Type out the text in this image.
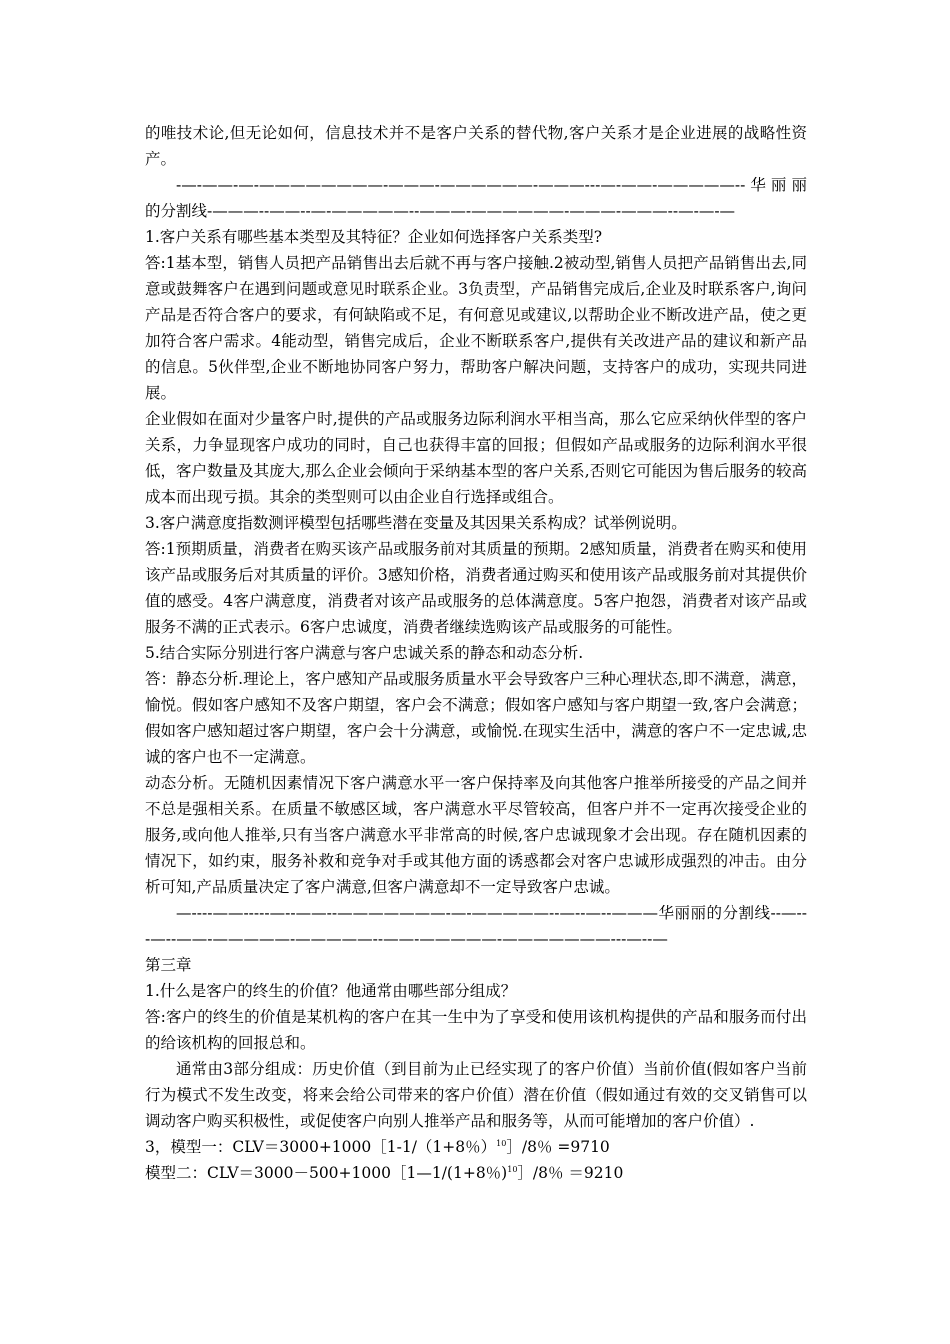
的唯技术论,但无论如何，信息技术并不是客户关系的替代物,客户关系才是企业进展的战略性资产。

-—-——-—-————————-———-——————-———---—-——-—————--华丽丽的分割线-———--——--—-—————--———-——————-———-———--—-—-—

1.客户关系有哪些基本类型及其特征？企业如何选择客户关系类型?

答:1基本型，销售人员把产品销售出去后就不再与客户接触.2被动型,销售人员把产品销售出去,同意或鼓舞客户在遇到问题或意见时联系企业。3负责型，产品销售完成后,企业及时联系客户,询问产品是否符合客户的要求，有何缺陷或不足，有何意见或建议,以帮助企业不断改进产品，使之更加符合客户需求。4能动型，销售完成后，企业不断联系客户,提供有关改进产品的建议和新产品的信息。5伙伴型,企业不断地协同客户努力，帮助客户解决问题，支持客户的成功，实现共同进展。

企业假如在面对少量客户时,提供的产品或服务边际利润水平相当高，那么它应采纳伙伴型的客户关系，力争显现客户成功的同时，自己也获得丰富的回报；但假如产品或服务的边际利润水平很低，客户数量及其庞大,那么企业会倾向于采纳基本型的客户关系,否则它可能因为售后服务的较高成本而出现亏损。其余的类型则可以由企业自行选择或组合。

3.客户满意度指数测评模型包括哪些潜在变量及其因果关系构成？试举例说明。

答:1预期质量，消费者在购买该产品或服务前对其质量的预期。2感知质量，消费者在购买和使用该产品或服务后对其质量的评价。3感知价格，消费者通过购买和使用该产品或服务前对其提供价值的感受。4客户满意度，消费者对该产品或服务的总体满意度。5客户抱怨，消费者对该产品或服务不满的正式表示。6客户忠诚度，消费者继续选购该产品或服务的可能性。

5.结合实际分别进行客户满意与客户忠诚关系的静态和动态分析.

答：静态分析.理论上，客户感知产品或服务质量水平会导致客户三种心理状态,即不满意，满意，愉悦。假如客户感知不及客户期望，客户会不满意；假如客户感知与客户期望一致,客户会满意；假如客户感知超过客户期望，客户会十分满意，或愉悦.在现实生活中，满意的客户不一定忠诚,忠诚的客户也不一定满意。

动态分析。无随机因素情况下客户满意水平一客户保持率及向其他客户推举所接受的产品之间并不总是强相关系。在质量不敏感区域，客户满意水平尽管较高，但客户并不一定再次接受企业的服务,或向他人推举,只有当客户满意水平非常高的时候,客户忠诚现象才会出现。存在随机因素的情况下，如约束，服务补救和竞争对手或其他方面的诱惑都会对客户忠诚形成强烈的冲击。由分析可知,产品质量决定了客户满意,但客户满意却不一定导致客户忠诚。

—----——-----—--——--———————-—-—————--—--—--———华丽丽的分割线--—---—--——-—————-—————--——-—————-———————---—--—

第三章

1.什么是客户的终生的价值？他通常由哪些部分组成？

答:客户的终生的价值是某机构的客户在其一生中为了享受和使用该机构提供的产品和服务而付出的给该机构的回报总和。

通常由3部分组成：历史价值（到目前为止已经实现了的客户价值）当前价值(假如客户当前行为模式不发生改变，将来会给公司带来的客户价值）潜在价值（假如通过有效的交叉销售可以调动客户购买积极性，或促使客户向别人推举产品和服务等，从而可能增加的客户价值）.

3，模型一：CLV＝3000+1000［1-1/（1+8％）$^{10}$］/8％ =9710

模型二：CLV＝3000－500+1000［1—1/(1+8％)$^{10}$］/8％ ＝9210
